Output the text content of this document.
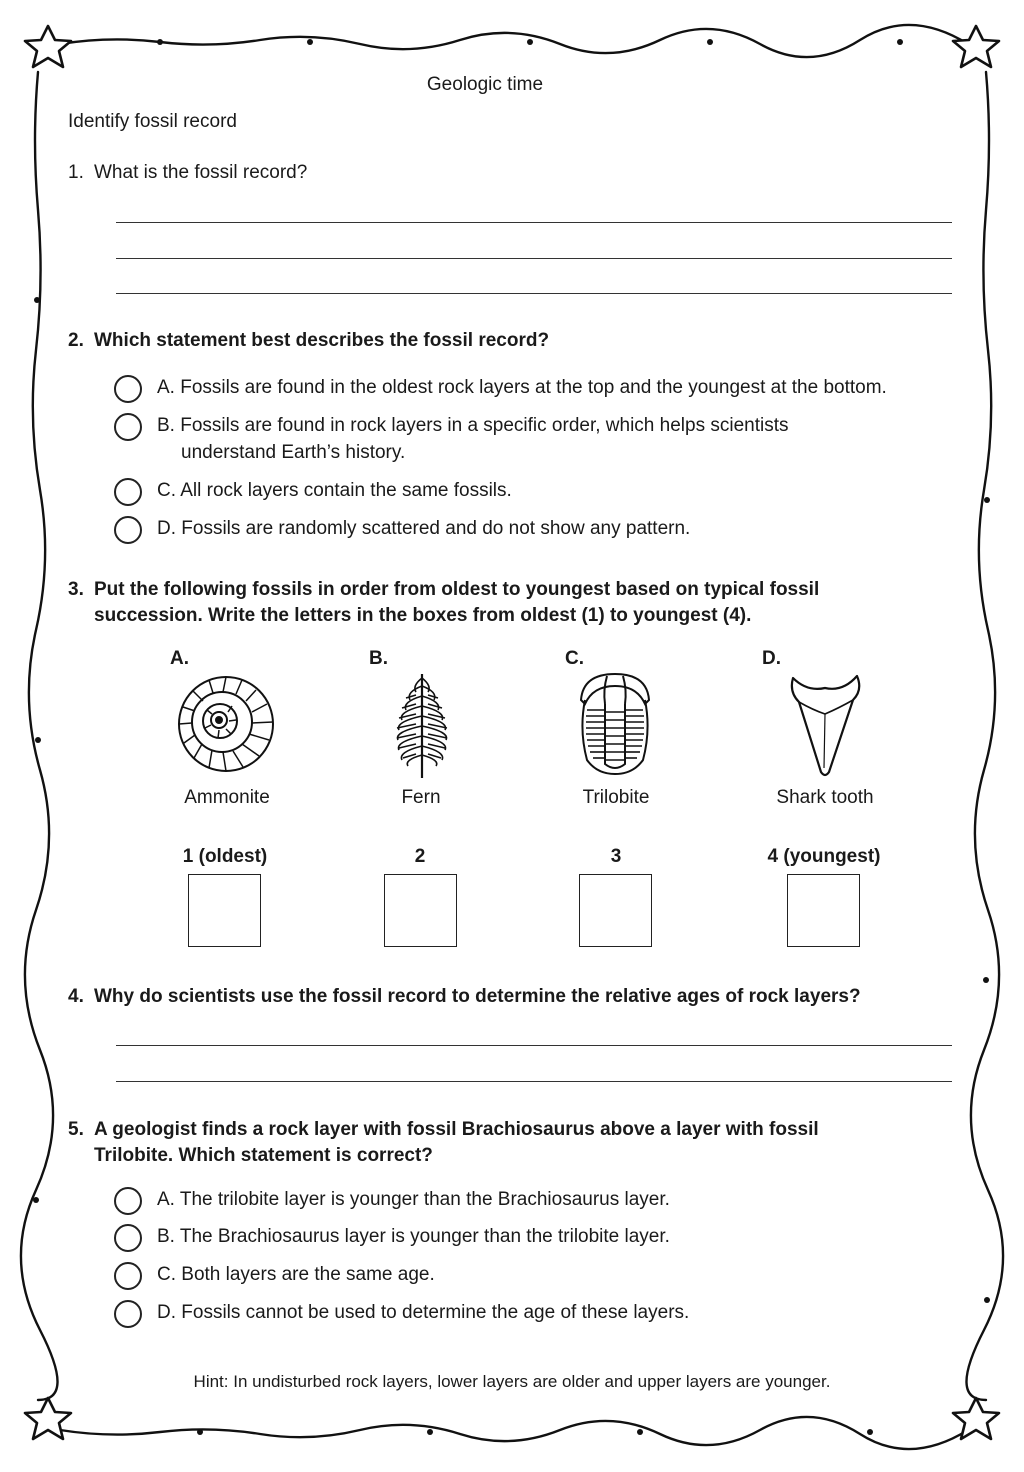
Geologic time
Identify fossil record
1. What is the fossil record?
2. Which statement best describes the fossil record?
A. Fossils are found in the oldest rock layers at the top and the youngest at the bottom.
B. Fossils are found in rock layers in a specific order, which helps scientists
understand Earth’s history.
C. All rock layers contain the same fossils.
D. Fossils are randomly scattered and do not show any pattern.
3. Put the following fossils in order from oldest to youngest based on typical fossil
succession. Write the letters in the boxes from oldest (1) to youngest (4).
A.	B.	C.	D.
Ammonite	Fern	Trilobite	Shark tooth
1 (oldest)	2	3	4 (youngest)
4. Why do scientists use the fossil record to determine the relative ages of rock layers?
5. A geologist finds a rock layer with fossil Brachiosaurus above a layer with fossil
Trilobite. Which statement is correct?
A. The trilobite layer is younger than the Brachiosaurus layer.
B. The Brachiosaurus layer is younger than the trilobite layer.
C. Both layers are the same age.
D. Fossils cannot be used to determine the age of these layers.
Hint: In undisturbed rock layers, lower layers are older and upper layers are younger.
